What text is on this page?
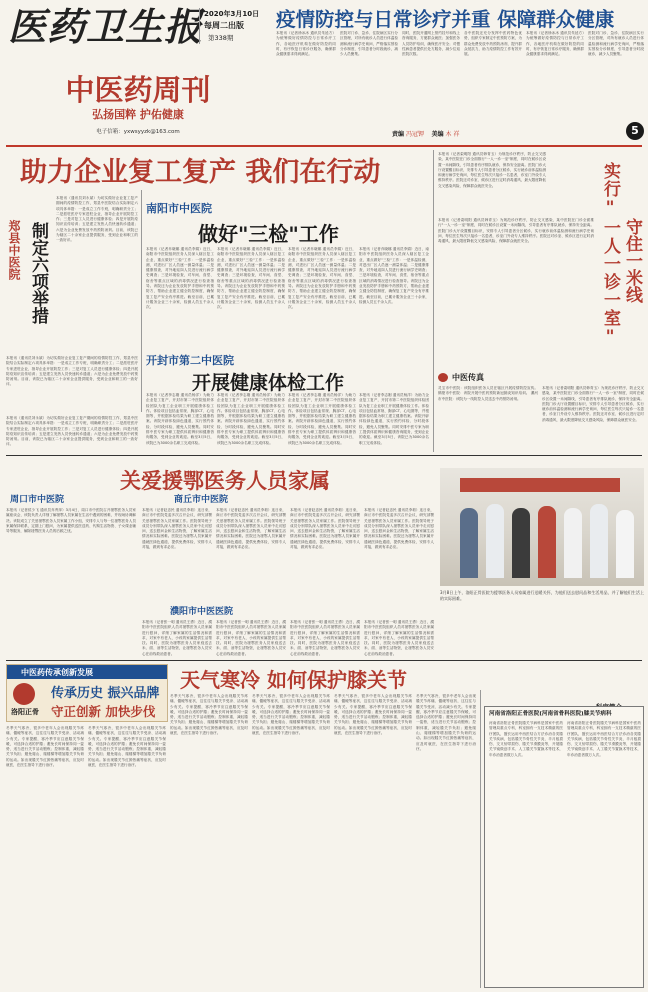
医药卫生报 2020年3月10日
每周二出版
第338期
疫情防控与日常诊疗并重 保障群众健康
本报讯（记者徐冰冰 通讯员朱延方）为统筹做好疫情防控与日常诊疗工作，各地医疗机构在做好防控的同时，有序恢复日常诊疗服务，确保群众健康需求得到满足。
医院对门诊、急诊、住院病区实行分区管理，对所有就诊人员进行体温检测和流行病学史询问，严格落实预检分诊制度，引导患者分时段就诊，减少人员聚集。
同时，医院开通网上预约挂号和线上咨询服务，方便群众就医；加强医务人员防护培训，确保医疗安全；对慢性病患者提供长处方服务，减少往返医院次数。
各中医院还充分发挥中医药特色优势，组织专家制定中医预防方案，为群众免费发放中药预防汤剂，提升群众抵抗力，助力疫情防控工作有效开展。
本报讯（记者徐冰冰 通讯员朱延方）为统筹做好疫情防控与日常诊疗工作，各地医疗机构在做好防控的同时，有序恢复日常诊疗服务，确保群众健康需求得到满足。
医院对门诊、急诊、住院病区实行分区管理，对所有就诊人员进行体温检测和流行病学史询问，严格落实预检分诊制度，引导患者分时段就诊，减少人员聚集。
中医药周刊
弘扬国粹 护佑健康
电子信箱：yxwsyyzk@163.com	责编 冯冠钾 美编 木 祥	5
助力企业复工复产 我们在行动
郑县中医院 制定六项举措
本报讯（通讯员刘永斌）为切实做好企业复工复产期间的疫情防控工作，郑县中医院结合实际制定六项具体举措：一是成立工作专班，明确职责分工；二是派驻医疗专家进驻企业，指导企业开展防控工作；三是对复工人员进行健康体检；四是开展防疫知识宣传培训；五是建立发热人员快速转诊通道；六是为企业免费发放中药预防汤剂。目前，该院已为辖区二十余家企业提供服务，受到企业和职工的一致好评。
本报讯（通讯员刘永斌）为切实做好企业复工复产期间的疫情防控工作，郑县中医院结合实际制定六项具体举措：一是成立工作专班，明确职责分工；二是派驻医疗专家进驻企业，指导企业开展防控工作；三是对复工人员进行健康体检；四是开展防疫知识宣传培训；五是建立发热人员快速转诊通道；六是为企业免费发放中药预防汤剂。目前，该院已为辖区二十余家企业提供服务，受到企业和职工的一致好评。
南阳市中医院
做好"三检"工作
本报讯（记者乔晓娜 通讯员李娟）近日，南阳市中医院组织医务人员深入辖区复工企业，重点做好"三检"工作：一是体温检测，对进出厂区人员逐一测量体温；二是健康排查，对外地返岗人员进行流行病学史调查；三是环境检查，对车间、食堂、宿舍等重点区域的消毒情况进行检查指导。该院还为企业发放防护手册和中药预防方，帮助企业建立健全防控制度，确保复工复产安全有序推进。截至目前，已累计服务企业三十余家，检测人员五千余人次。
本报讯（记者乔晓娜 通讯员李娟）近日，南阳市中医院组织医务人员深入辖区复工企业，重点做好"三检"工作：一是体温检测，对进出厂区人员逐一测量体温；二是健康排查，对外地返岗人员进行流行病学史调查；三是环境检查，对车间、食堂、宿舍等重点区域的消毒情况进行检查指导。该院还为企业发放防护手册和中药预防方，帮助企业建立健全防控制度，确保复工复产安全有序推进。截至目前，已累计服务企业三十余家，检测人员五千余人次。
本报讯（记者乔晓娜 通讯员李娟）近日，南阳市中医院组织医务人员深入辖区复工企业，重点做好"三检"工作：一是体温检测，对进出厂区人员逐一测量体温；二是健康排查，对外地返岗人员进行流行病学史调查；三是环境检查，对车间、食堂、宿舍等重点区域的消毒情况进行检查指导。该院还为企业发放防护手册和中药预防方，帮助企业建立健全防控制度，确保复工复产安全有序推进。截至目前，已累计服务企业三十余家，检测人员五千余人次。
本报讯（记者乔晓娜 通讯员李娟）近日，南阳市中医院组织医务人员深入辖区复工企业，重点做好"三检"工作：一是体温检测，对进出厂区人员逐一测量体温；二是健康排查，对外地返岗人员进行流行病学史调查；三是环境检查，对车间、食堂、宿舍等重点区域的消毒情况进行检查指导。该院还为企业发放防护手册和中药预防方，帮助企业建立健全防控制度，确保复工复产安全有序推进。截至目前，已累计服务企业三十余家，检测人员五千余人次。
开封市第二中医院
开展健康体检工作
本报讯（记者李志刚 通讯员杨洋）为助力企业复工复产，开封市第二中医院组织体检团队为复工企业职工开展健康体检工作。体检项目包括血常规、胸部CT、心电图等，并根据体检结果为职工建立健康档案。该院开辟体检绿色通道，实行预约体检、分时段体检，避免人员聚集。同时安排中医专家为职工提供体质辨识和健康咨询服务，受到企业的欢迎。截至3月5日，该院已为3000余名职工完成体检。
本报讯（记者李志刚 通讯员杨洋）为助力企业复工复产，开封市第二中医院组织体检团队为复工企业职工开展健康体检工作。体检项目包括血常规、胸部CT、心电图等，并根据体检结果为职工建立健康档案。该院开辟体检绿色通道，实行预约体检、分时段体检，避免人员聚集。同时安排中医专家为职工提供体质辨识和健康咨询服务，受到企业的欢迎。截至3月5日，该院已为3000余名职工完成体检。
本报讯（记者李志刚 通讯员杨洋）为助力企业复工复产，开封市第二中医院组织体检团队为复工企业职工开展健康体检工作。体检项目包括血常规、胸部CT、心电图等，并根据体检结果为职工建立健康档案。该院开辟体检绿色通道，实行预约体检、分时段体检，避免人员聚集。同时安排中医专家为职工提供体质辨识和健康咨询服务，受到企业的欢迎。截至3月5日，该院已为3000余名职工完成体检。
本报讯（记者李志刚 通讯员杨洋）为助力企业复工复产，开封市第二中医院组织体检团队为复工企业职工开展健康体检工作。体检项目包括血常规、胸部CT、心电图等，并根据体检结果为职工建立健康档案。该院开辟体检绿色通道，实行预约体检、分时段体检，避免人员聚集。同时安排中医专家为职工提供体质辨识和健康咨询服务，受到企业的欢迎。截至3月5日，该院已为3000余名职工完成体检。
本报讯（通讯员刘永斌）为切实做好企业复工复产期间的疫情防控工作，郑县中医院结合实际制定六项具体举措：一是成立工作专班，明确职责分工；二是派驻医疗专家进驻企业，指导企业开展防控工作；三是对复工人员进行健康体检；四是开展防疫知识宣传培训；五是建立发热人员快速转诊通道；六是为企业免费发放中药预防汤剂。目前，该院已为辖区二十余家企业提供服务，受到企业和职工的一致好评。
本报讯（记者索明阳 通讯员韩青玉）为规范诊疗秩序，防止交叉感染，某中医院在门诊全面推行"一人一诊一室"制度，同时在候诊区设置一米间隔线，引导患者有序排队就诊，保持安全距离。医院门诊大厅设置醒目标识，安排专人引导患者分区候诊，实行就诊前体温检测和流行病学史询问，每位医生每次只接诊一名患者，诊室门外设专人维持秩序。医院还对诊室、候诊区进行定时消毒通风，最大限度降低交叉感染风险，保障群众就医安全。
守住一米线
实行"一人一诊一室"
本报讯（记者索明阳 通讯员韩青玉）为规范诊疗秩序，防止交叉感染，某中医院在门诊全面推行"一人一诊一室"制度，同时在候诊区设置一米间隔线，引导患者有序排队就诊，保持安全距离。医院门诊大厅设置醒目标识，安排专人引导患者分区候诊，实行就诊前体温检测和流行病学史询问，每位医生每次只接诊一名患者，诊室门外设专人维持秩序。医院还对诊室、候诊区进行定时消毒通风，最大限度降低交叉感染风险，保障群众就医安全。
中医传真
灵宝市中医院：该院组织医务人员在辖区开展疫情防控宣传。 鹤壁市中医院：该院开展中医药预防新冠肺炎知识培训。 漯河市中医院：该院为一线防控人员送去中药预防汤剂。
本报讯（记者索明阳 通讯员韩青玉）为规范诊疗秩序，防止交叉感染，某中医院在门诊全面推行"一人一诊一室"制度，同时在候诊区设置一米间隔线，引导患者有序排队就诊，保持安全距离。医院门诊大厅设置醒目标识，安排专人引导患者分区候诊，实行就诊前体温检测和流行病学史询问，每位医生每次只接诊一名患者，诊室门外设专人维持秩序。医院还对诊室、候诊区进行定时消毒通风，最大限度降低交叉感染风险，保障群众就医安全。
关爱援鄂医务人员家属
周口市中医院
本报讯（记者侯少飞 通讯员乔秀萍）3月4日，周口市中医院召开援鄂医务人员家属座谈会，该院负责人详细了解援鄂人员家属在生活中遇到的困难，并现场协调解决。该院成立了关爱援鄂医务人员家属工作小组，安排专人与每一位援鄂医务人员家属保持联系，定期上门慰问，为家属提供送医送药、代购生活物资、子女课业辅导等服务，解除援鄂医务人员的后顾之忧。
商丘市中医院
本报讯（记者赵忠民 通讯员李莉）连日来，商丘市中医院党委多次召开会议，研究部署关爱援鄂医务人员家属工作。医院领导班子成员分别带队深入援鄂医务人员家中走访慰问，送去慰问金和生活物资，了解家属生活情况和实际困难。医院还为援鄂人员家属开通就医绿色通道，提供免费体检，安排专人对接，做到有求必应。
本报讯（记者赵忠民 通讯员李莉）连日来，商丘市中医院党委多次召开会议，研究部署关爱援鄂医务人员家属工作。医院领导班子成员分别带队深入援鄂医务人员家中走访慰问，送去慰问金和生活物资，了解家属生活情况和实际困难。医院还为援鄂人员家属开通就医绿色通道，提供免费体检，安排专人对接，做到有求必应。
本报讯（记者赵忠民 通讯员李莉）连日来，商丘市中医院党委多次召开会议，研究部署关爱援鄂医务人员家属工作。医院领导班子成员分别带队深入援鄂医务人员家中走访慰问，送去慰问金和生活物资，了解家属生活情况和实际困难。医院还为援鄂人员家属开通就医绿色通道，提供免费体检，安排专人对接，做到有求必应。
本报讯（记者赵忠民 通讯员李莉）连日来，商丘市中医院党委多次召开会议，研究部署关爱援鄂医务人员家属工作。医院领导班子成员分别带队深入援鄂医务人员家中走访慰问，送去慰问金和生活物资，了解家属生活情况和实际困难。医院还为援鄂人员家属开通就医绿色通道，提供免费体检，安排专人对接，做到有求必应。
濮阳市中医医院
本报讯（记者张一明 通讯员王勇）近日，濮阳市中医医院组织人员对援鄂医务人员家属进行慰问，详细了解家属的生活情况和需求，对家中有老人、小孩的家属提供生活帮扶。同时，医院为援鄂医务人员家庭送去米、面、油等生活物资，让援鄂医务人员安心在前线救治患者。
本报讯（记者张一明 通讯员王勇）近日，濮阳市中医医院组织人员对援鄂医务人员家属进行慰问，详细了解家属的生活情况和需求，对家中有老人、小孩的家属提供生活帮扶。同时，医院为援鄂医务人员家庭送去米、面、油等生活物资，让援鄂医务人员安心在前线救治患者。
本报讯（记者张一明 通讯员王勇）近日，濮阳市中医医院组织人员对援鄂医务人员家属进行慰问，详细了解家属的生活情况和需求，对家中有老人、小孩的家属提供生活帮扶。同时，医院为援鄂医务人员家庭送去米、面、油等生活物资，让援鄂医务人员安心在前线救治患者。
本报讯（记者张一明 通讯员王勇）近日，濮阳市中医医院组织人员对援鄂医务人员家属进行慰问，详细了解家属的生活情况和需求，对家中有老人、小孩的家属提供生活帮扶。同时，医院为援鄂医务人员家庭送去米、面、油等生活物资，让援鄂医务人员安心在前线救治患者。
3月8日上午，洛阳正骨医院为援鄂医务人员家属进行送暖关怀，为他们送去慰问品和生活用品，并了解他们生活上的实际困难。
中医药传承创新发展
洛阳正骨
传承历史 振兴品牌
守正创新 加快步伐
天气寒冷 如何保护膝关节
冬季天气寒冷，很多中老年人会出现膝关节疼痛、僵硬等症状，这往往与膝关节受凉、活动减少有关。专家提醒，寒冷季节应注意膝关节保暖，可选择合适的护膝；避免长时间保持同一姿势，适当进行关节活动锻炼；控制体重，减轻膝关节负担；避免爬山、爬楼梯等增加膝关节负荷的运动。如出现膝关节红肿热痛等症状，应及时就医，在医生指导下进行治疗。
冬季天气寒冷，很多中老年人会出现膝关节疼痛、僵硬等症状，这往往与膝关节受凉、活动减少有关。专家提醒，寒冷季节应注意膝关节保暖，可选择合适的护膝；避免长时间保持同一姿势，适当进行关节活动锻炼；控制体重，减轻膝关节负担；避免爬山、爬楼梯等增加膝关节负荷的运动。如出现膝关节红肿热痛等症状，应及时就医，在医生指导下进行治疗。
冬季天气寒冷，很多中老年人会出现膝关节疼痛、僵硬等症状，这往往与膝关节受凉、活动减少有关。专家提醒，寒冷季节应注意膝关节保暖，可选择合适的护膝；避免长时间保持同一姿势，适当进行关节活动锻炼；控制体重，减轻膝关节负担；避免爬山、爬楼梯等增加膝关节负荷的运动。如出现膝关节红肿热痛等症状，应及时就医，在医生指导下进行治疗。
冬季天气寒冷，很多中老年人会出现膝关节疼痛、僵硬等症状，这往往与膝关节受凉、活动减少有关。专家提醒，寒冷季节应注意膝关节保暖，可选择合适的护膝；避免长时间保持同一姿势，适当进行关节活动锻炼；控制体重，减轻膝关节负担；避免爬山、爬楼梯等增加膝关节负荷的运动。如出现膝关节红肿热痛等症状，应及时就医，在医生指导下进行治疗。
冬季天气寒冷，很多中老年人会出现膝关节疼痛、僵硬等症状，这往往与膝关节受凉、活动减少有关。专家提醒，寒冷季节应注意膝关节保暖，可选择合适的护膝；避免长时间保持同一姿势，适当进行关节活动锻炼；控制体重，减轻膝关节负担；避免爬山、爬楼梯等增加膝关节负荷的运动。如出现膝关节红肿热痛等症状，应及时就医，在医生指导下进行治疗。
冬季天气寒冷，很多中老年人会出现膝关节疼痛、僵硬等症状，这往往与膝关节受凉、活动减少有关。专家提醒，寒冷季节应注意膝关节保暖，可选择合适的护膝；避免长时间保持同一姿势，适当进行关节活动锻炼；控制体重，减轻膝关节负担；避免爬山、爬楼梯等增加膝关节负荷的运动。如出现膝关节红肿热痛等症状，应及时就医，在医生指导下进行治疗。
河南省洛阳正骨医院(河南省骨科医院)膝关节病科
河南省洛阳正骨医院膝关节病科是国家中医药管理局重点专科，科室拥有一支技术精湛的医疗团队，擅长运用中西医结合方法诊治各类膝关节疾病，包括膝关节骨性关节炎、半月板损伤、交叉韧带损伤、膝关节滑膜炎等，开展膝关节镜微创手术、人工膝关节置换术等技术，年诊治患者数万人次。
河南省洛阳正骨医院膝关节病科是国家中医药管理局重点专科，科室拥有一支技术精湛的医疗团队，擅长运用中西医结合方法诊治各类膝关节疾病，包括膝关节骨性关节炎、半月板损伤、交叉韧带损伤、膝关节滑膜炎等，开展膝关节镜微创手术、人工膝关节置换术等技术，年诊治患者数万人次。
